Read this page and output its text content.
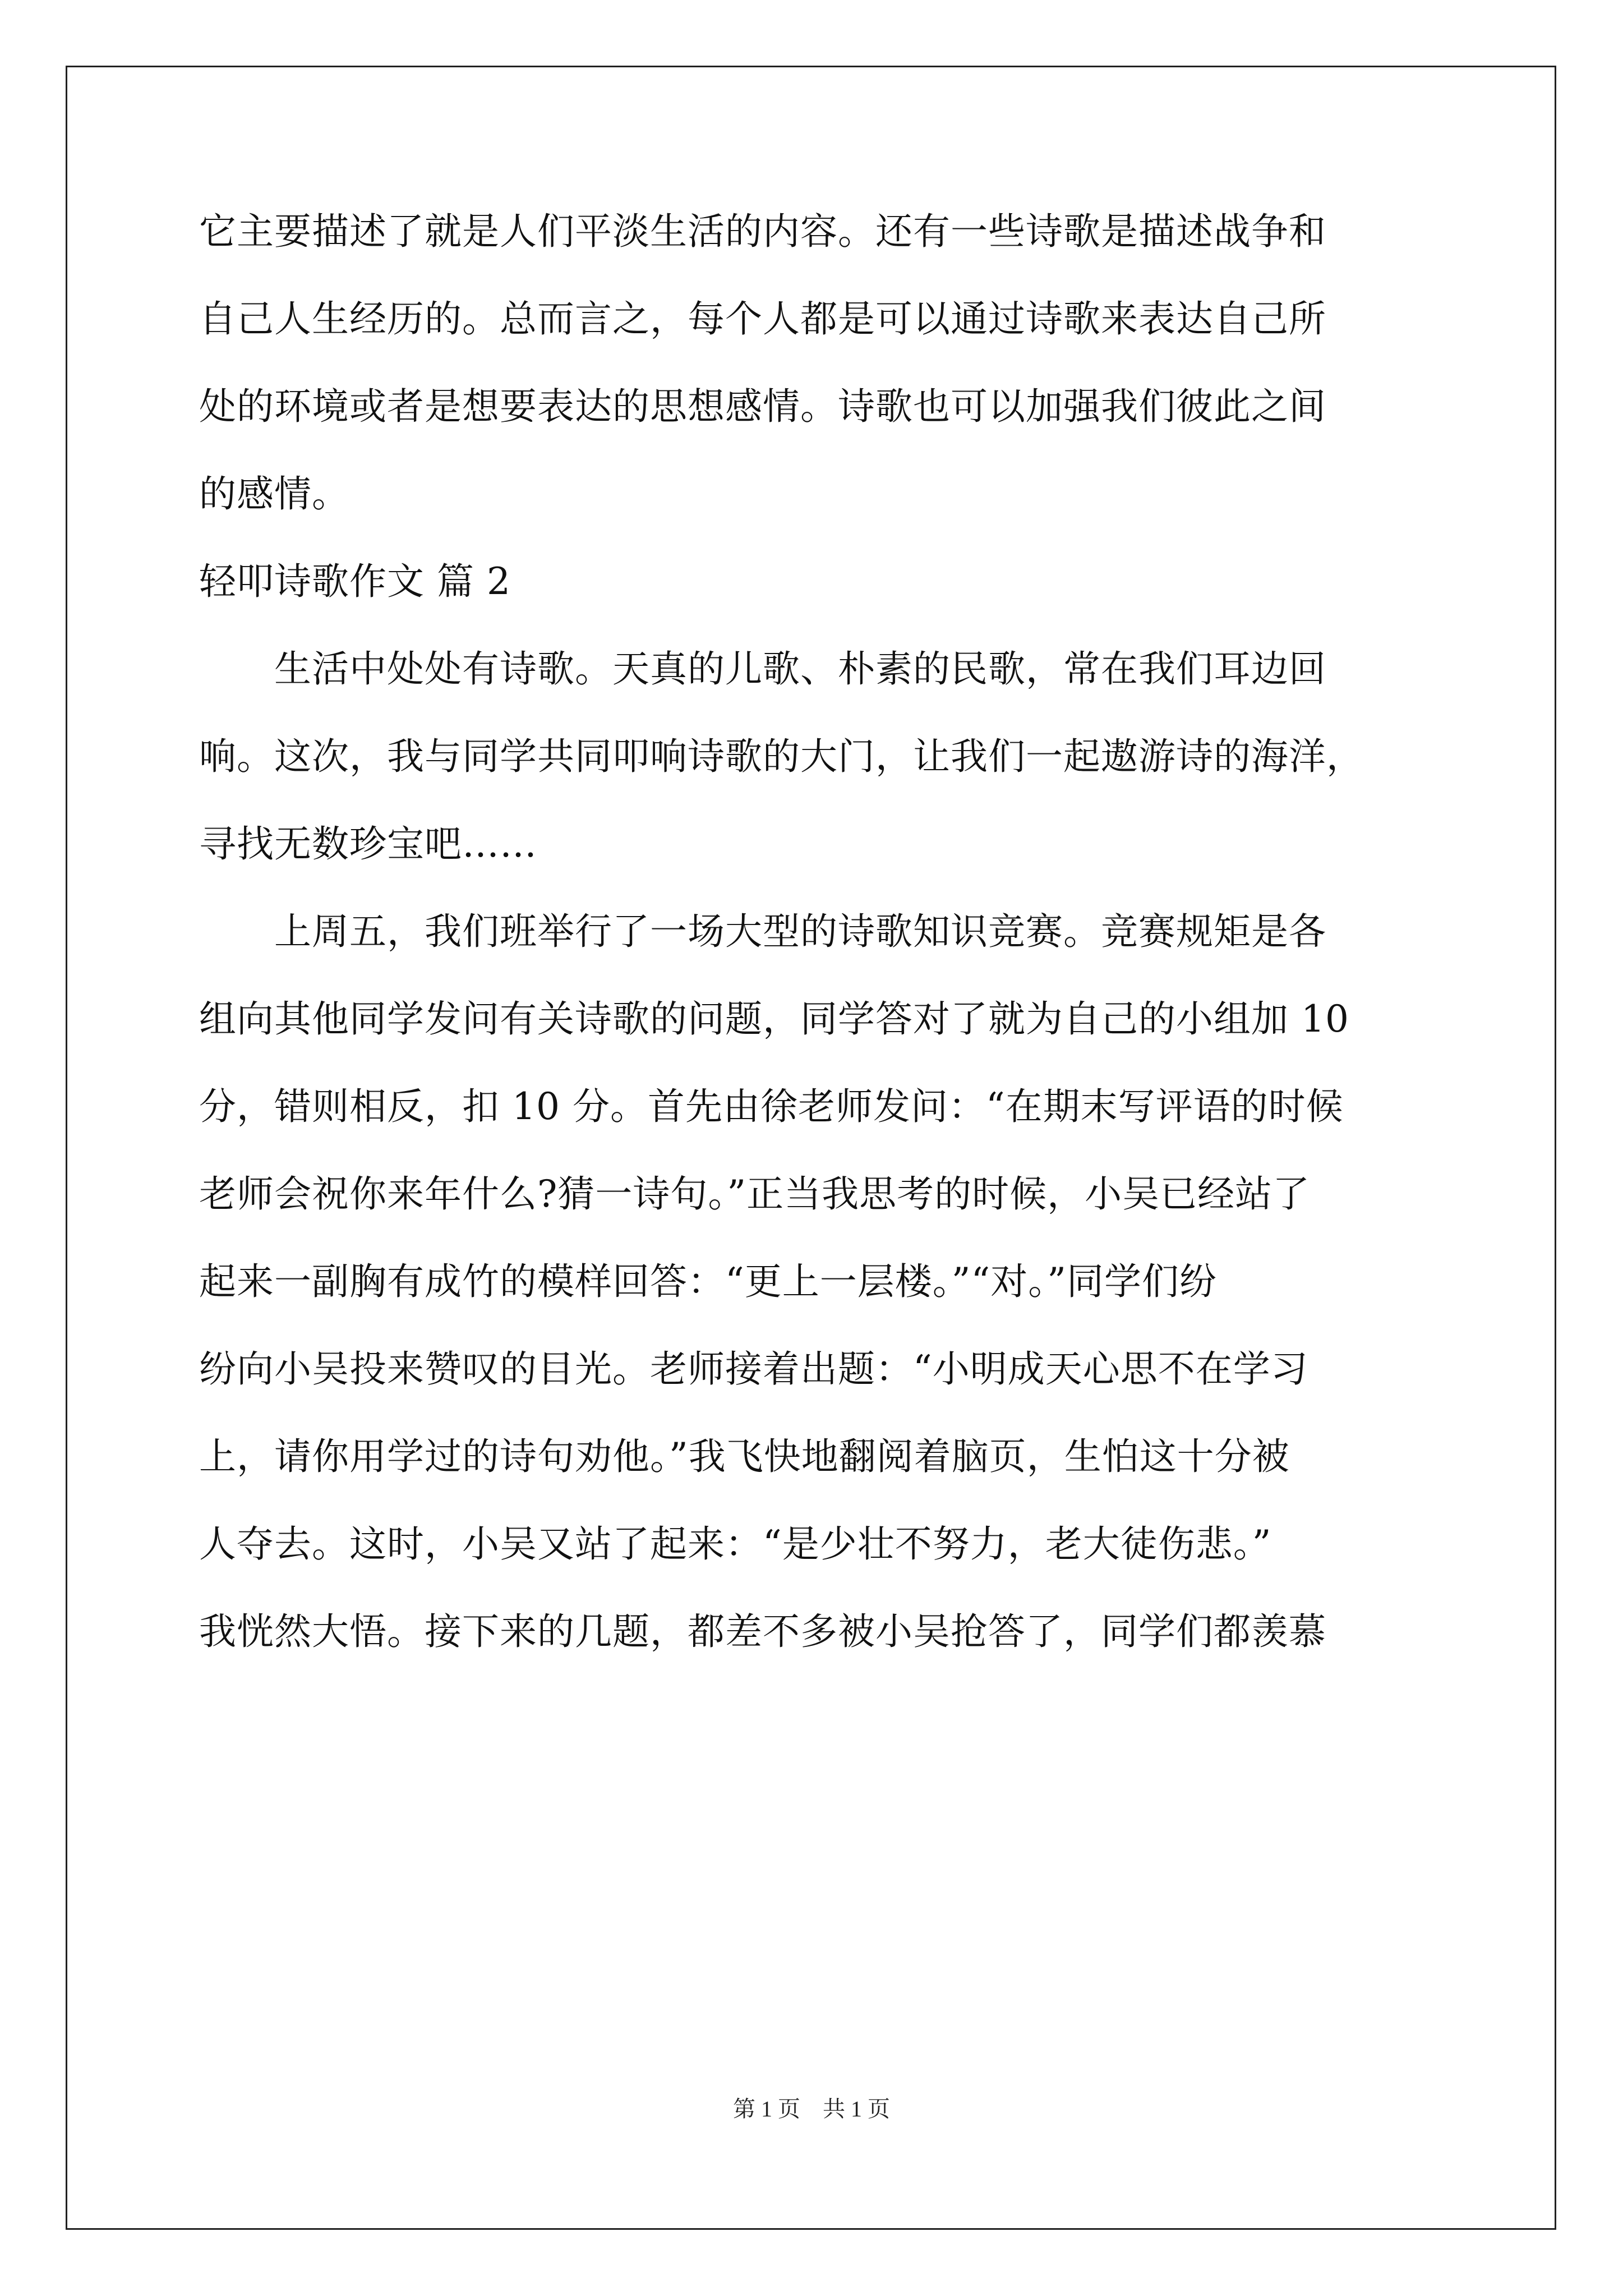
它主要描述了就是人们平淡生活的内容。还有一些诗歌是描述战争和

自己人生经历的。总而言之，每个人都是可以通过诗歌来表达自己所

处的环境或者是想要表达的思想感情。诗歌也可以加强我们彼此之间

的感情。

轻叩诗歌作文 篇 2

　　生活中处处有诗歌。天真的儿歌、朴素的民歌，常在我们耳边回

响。这次，我与同学共同叩响诗歌的大门，让我们一起遨游诗的海洋，

寻找无数珍宝吧……

　　上周五，我们班举行了一场大型的诗歌知识竞赛。竞赛规矩是各

组向其他同学发问有关诗歌的问题，同学答对了就为自己的小组加 10

分，错则相反，扣 10 分。首先由徐老师发问：“在期末写评语的时候

老师会祝你来年什么?猜一诗句。”正当我思考的时候，小吴已经站了

起来一副胸有成竹的模样回答：“更上一层楼。”“对。”同学们纷

纷向小吴投来赞叹的目光。老师接着出题：“小明成天心思不在学习

上，请你用学过的诗句劝他。”我飞快地翻阅着脑页，生怕这十分被

人夺去。这时，小吴又站了起来：“是少壮不努力，老大徒伤悲。”

我恍然大悟。接下来的几题，都差不多被小吴抢答了，同学们都羡慕

第 1 页　共 1 页
